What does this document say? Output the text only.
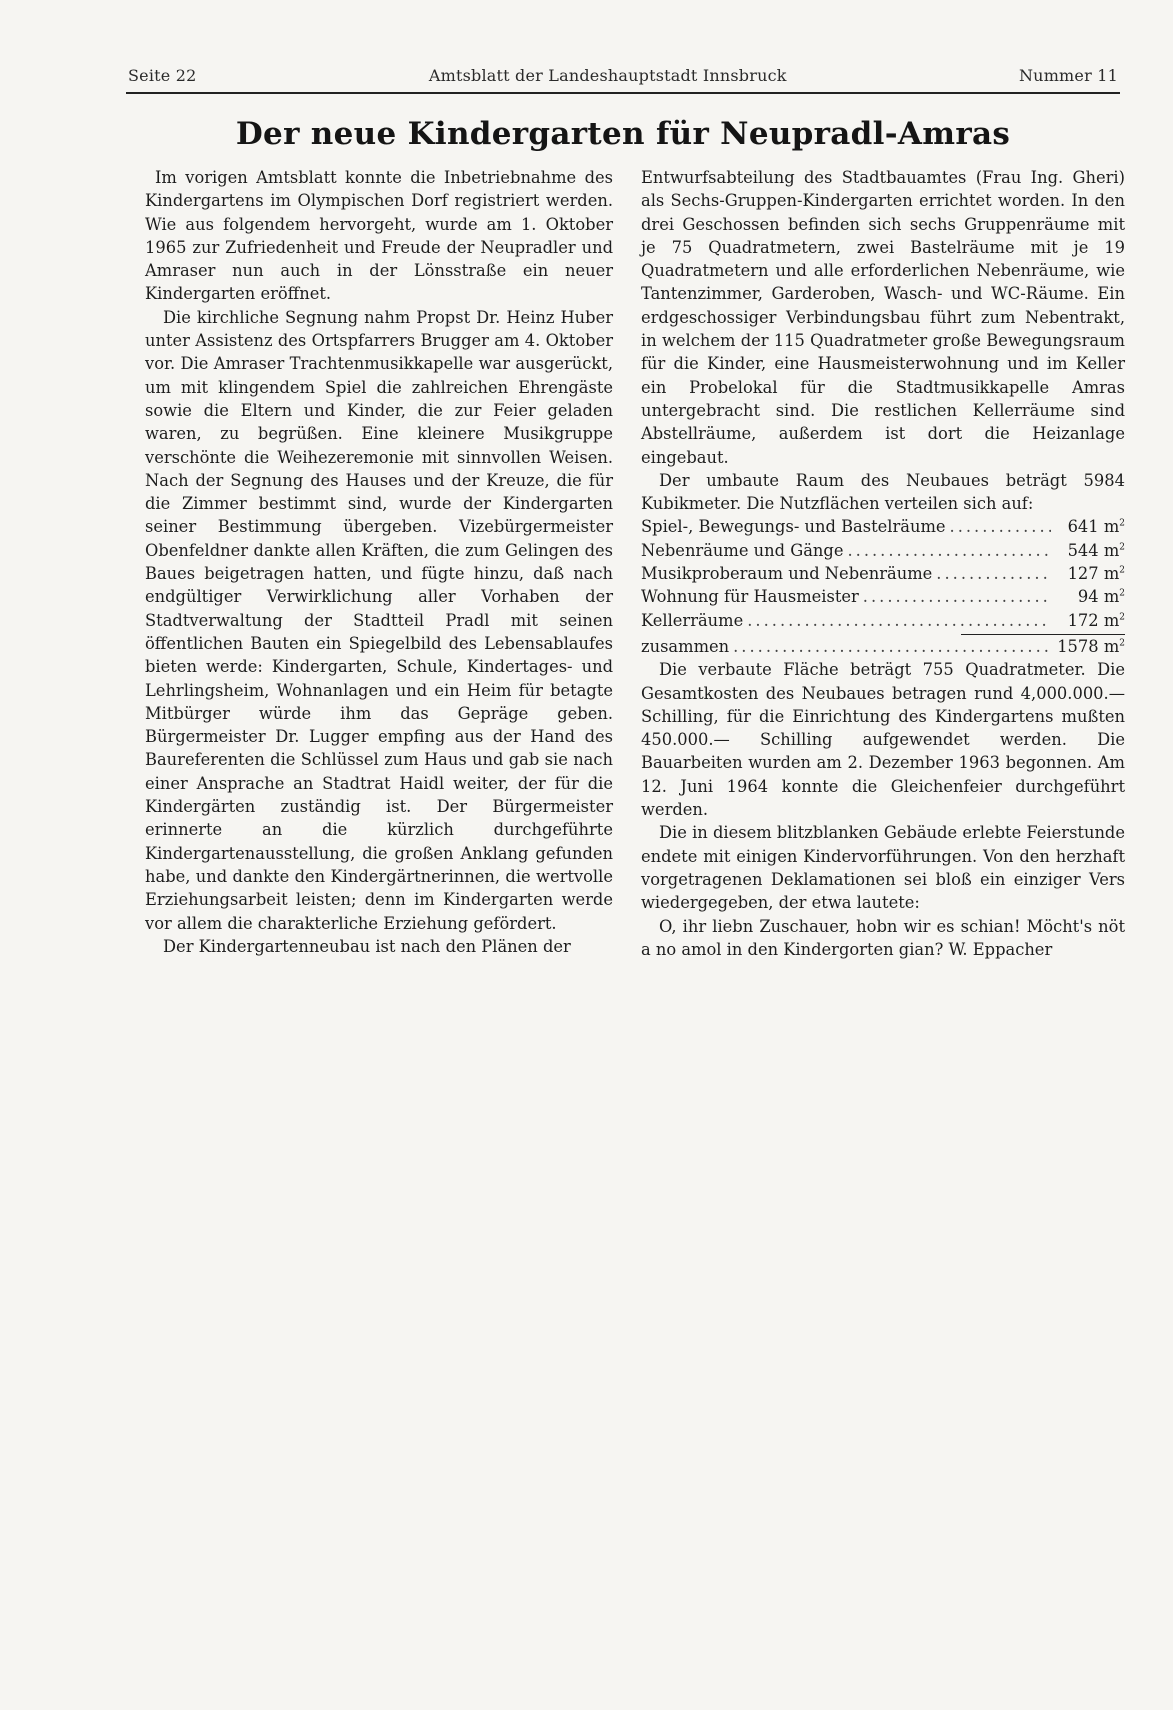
Seite 22	Amtsblatt der Landeshauptstadt Innsbruck	Nummer 11
Der neue Kindergarten für Neupradl-Amras

Im vorigen Amtsblatt konnte die Inbetriebnahme des Kindergartens im Olympischen Dorf registriert werden. Wie aus folgendem hervorgeht, wurde am 1. Oktober 1965 zur Zufriedenheit und Freude der Neupradler und Amraser nun auch in der Lönsstraße ein neuer Kindergarten eröffnet.

Die kirchliche Segnung nahm Propst Dr. Heinz Huber unter Assistenz des Ortspfarrers Brugger am 4. Oktober vor. Die Amraser Trachtenmusikkapelle war ausgerückt, um mit klingendem Spiel die zahlreichen Ehrengäste sowie die Eltern und Kinder, die zur Feier geladen waren, zu begrüßen. Eine kleinere Musikgruppe verschönte die Weihezeremonie mit sinnvollen Weisen. Nach der Segnung des Hauses und der Kreuze, die für die Zimmer bestimmt sind, wurde der Kindergarten seiner Bestimmung übergeben. Vizebürgermeister Obenfeldner dankte allen Kräften, die zum Gelingen des Baues beigetragen hatten, und fügte hinzu, daß nach endgültiger Verwirklichung aller Vorhaben der Stadtverwaltung der Stadtteil Pradl mit seinen öffentlichen Bauten ein Spiegelbild des Lebensablaufes bieten werde: Kindergarten, Schule, Kindertages- und Lehrlingsheim, Wohnanlagen und ein Heim für betagte Mitbürger würde ihm das Gepräge geben. Bürgermeister Dr. Lugger empfing aus der Hand des Baureferenten die Schlüssel zum Haus und gab sie nach einer Ansprache an Stadtrat Haidl weiter, der für die Kindergärten zuständig ist. Der Bürgermeister erinnerte an die kürzlich durchgeführte Kindergartenausstellung, die großen Anklang gefunden habe, und dankte den Kindergärtnerinnen, die wertvolle Erziehungsarbeit leisten; denn im Kindergarten werde vor allem die charakterliche Erziehung gefördert.

Der Kindergartenneubau ist nach den Plänen der

Entwurfsabteilung des Stadtbauamtes (Frau Ing. Gheri) als Sechs-Gruppen-Kindergarten errichtet worden. In den drei Geschossen befinden sich sechs Gruppenräume mit je 75 Quadratmetern, zwei Bastelräume mit je 19 Quadratmetern und alle erforderlichen Nebenräume, wie Tantenzimmer, Garderoben, Wasch- und WC-Räume. Ein erdgeschossiger Verbindungsbau führt zum Nebentrakt, in welchem der 115 Quadratmeter große Bewegungsraum für die Kinder, eine Hausmeisterwohnung und im Keller ein Probelokal für die Stadtmusikkapelle Amras untergebracht sind. Die restlichen Kellerräume sind Abstellräume, außerdem ist dort die Heizanlage eingebaut.

Der umbaute Raum des Neubaues beträgt 5984 Kubikmeter. Die Nutzflächen verteilen sich auf:

Spiel-, Bewegungs- und Bastelräume .....	641 $m^2$
Nebenräume und Gänge .....	544 $m^2$
Musikproberaum und Nebenräume .....	127 $m^2$
Wohnung für Hausmeister .....	94 $m^2$
Kellerräume .....	172 $m^2$
zusammen .....	1578 $m^2$

Die verbaute Fläche beträgt 755 Quadratmeter. Die Gesamtkosten des Neubaues betragen rund 4,000.000.— Schilling, für die Einrichtung des Kindergartens mußten 450.000.— Schilling aufgewendet werden. Die Bauarbeiten wurden am 2. Dezember 1963 begonnen. Am 12. Juni 1964 konnte die Gleichenfeier durchgeführt werden.

Die in diesem blitzblanken Gebäude erlebte Feierstunde endete mit einigen Kindervorführungen. Von den herzhaft vorgetragenen Deklamationen sei bloß ein einziger Vers wiedergegeben, der etwa lautete:

O, ihr liebn Zuschauer, hobn wir es schian! Möcht's nöt a no amol in den Kindergorten gian? W. Eppacher
